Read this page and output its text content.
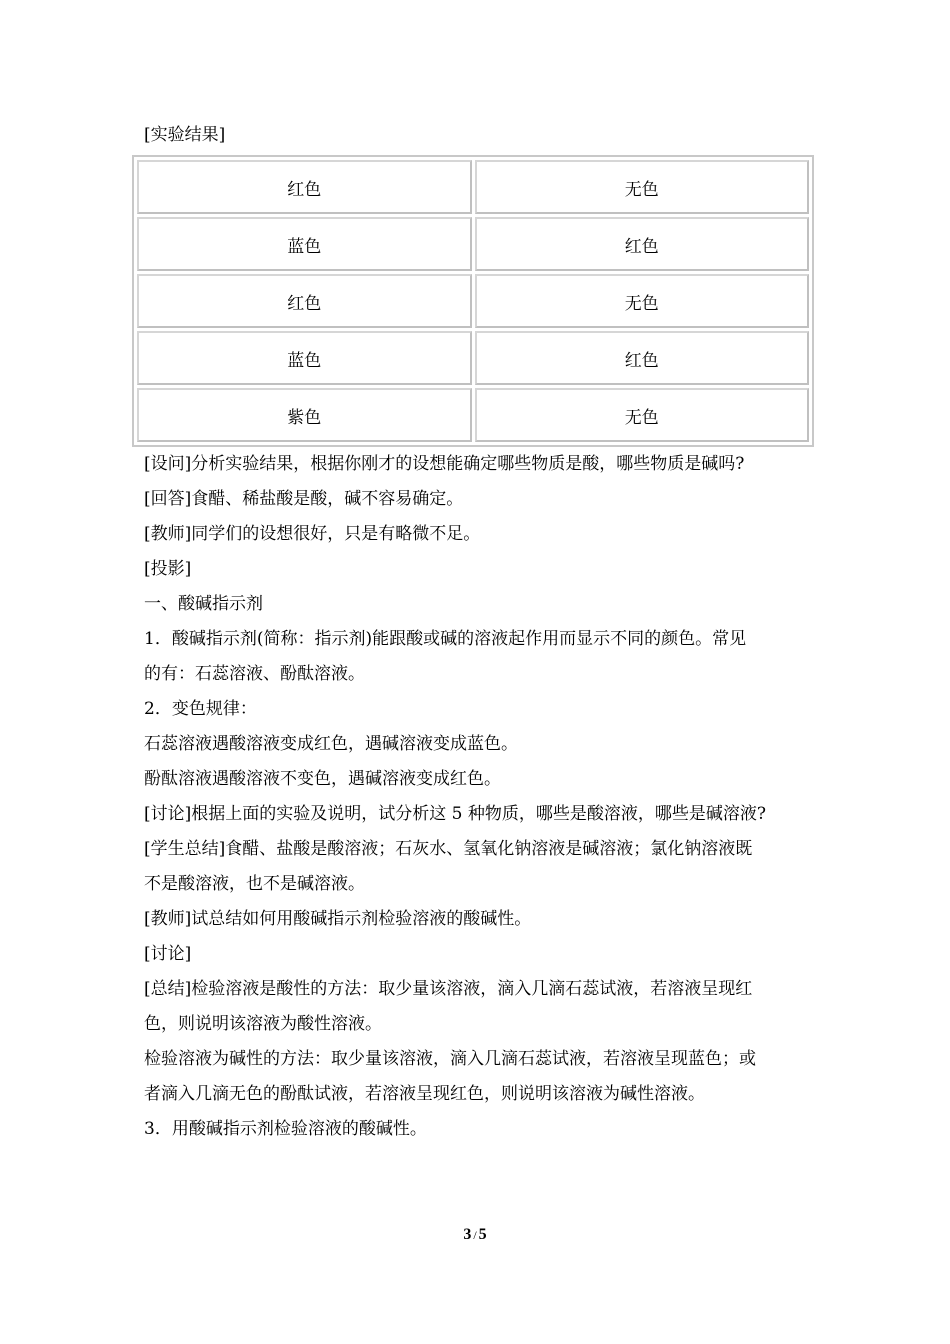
[实验结果]
红色	无色
蓝色	红色
红色	无色
蓝色	红色
紫色	无色
[设问]分析实验结果，根据你刚才的设想能确定哪些物质是酸，哪些物质是碱吗?
[回答]食醋、稀盐酸是酸，碱不容易确定。
[教师]同学们的设想很好，只是有略微不足。
[投影]
一、酸碱指示剂
1．酸碱指示剂(简称：指示剂)能跟酸或碱的溶液起作用而显示不同的颜色。常见
的有：石蕊溶液、酚酞溶液。
2．变色规律：
石蕊溶液遇酸溶液变成红色，遇碱溶液变成蓝色。
酚酞溶液遇酸溶液不变色，遇碱溶液变成红色。
[讨论]根据上面的实验及说明，试分析这 5 种物质，哪些是酸溶液，哪些是碱溶液?
[学生总结]食醋、盐酸是酸溶液；石灰水、氢氧化钠溶液是碱溶液；氯化钠溶液既
不是酸溶液，也不是碱溶液。
[教师]试总结如何用酸碱指示剂检验溶液的酸碱性。
[讨论]
[总结]检验溶液是酸性的方法：取少量该溶液，滴入几滴石蕊试液，若溶液呈现红
色，则说明该溶液为酸性溶液。
检验溶液为碱性的方法：取少量该溶液，滴入几滴石蕊试液，若溶液呈现蓝色；或
者滴入几滴无色的酚酞试液，若溶液呈现红色，则说明该溶液为碱性溶液。
3．用酸碱指示剂检验溶液的酸碱性。
3 / 5
